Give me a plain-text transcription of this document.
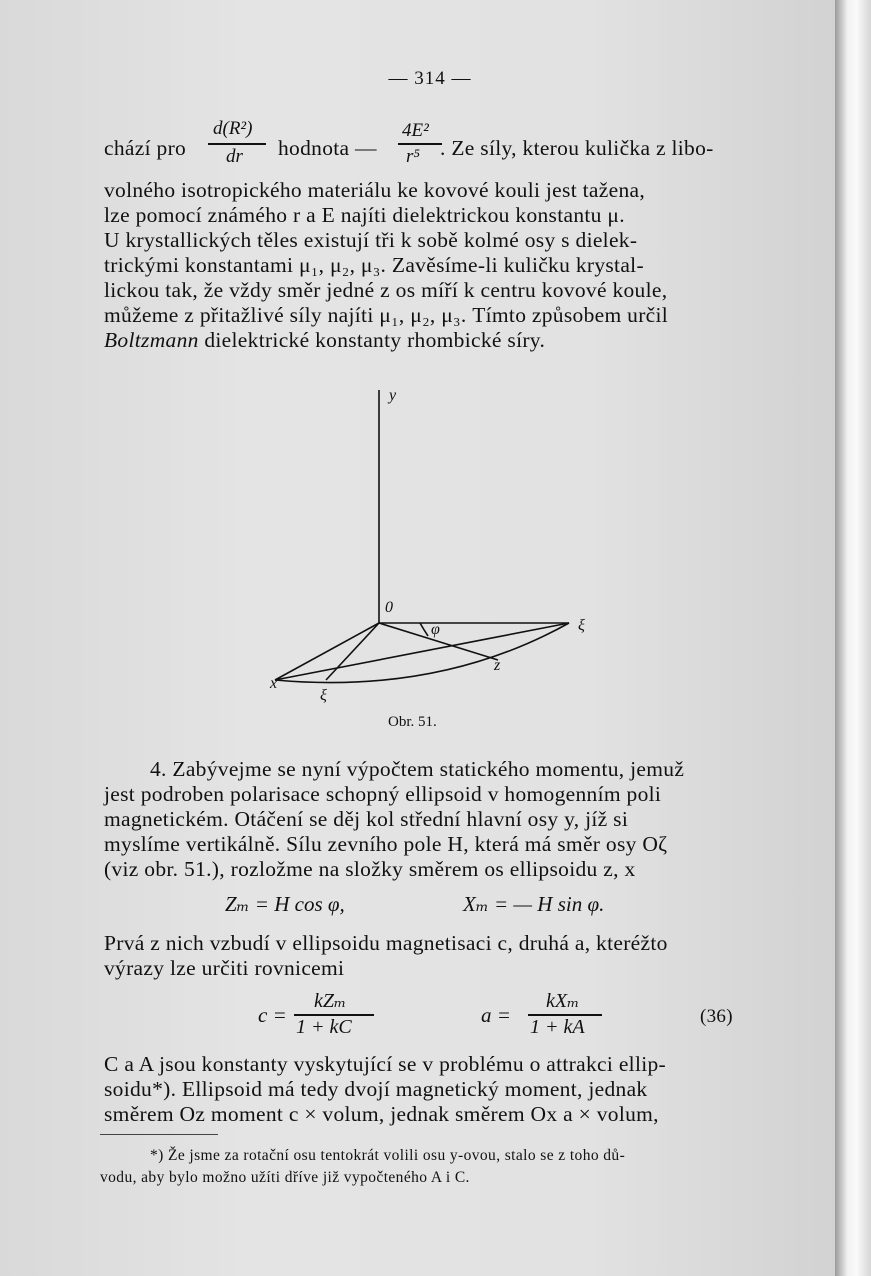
— 314 —
chází pro
d(R²)
dr hodnota —
4E²
r⁵ . Ze síly, kterou kulička z libo-
volného isotropického materiálu ke kovové kouli jest tažena,
lze pomocí známého r a E najíti dielektrickou konstantu μ.
U krystallických těles existují tři k sobě kolmé osy s dielek-
trickými konstantami μ₁, μ₂, μ₃. Zavěsíme-li kuličku krystal-
lickou tak, že vždy směr jedné z os míří k centru kovové koule,
můžeme z přitažlivé síly najíti μ₁, μ₂, μ₃. Tímto způsobem určil
Boltzmann dielektrické konstanty rhombické síry.
y
0
φ	ξ
z
x
ξ
Obr. 51.
4. Zabývejme se nyní výpočtem statického momentu, jemuž
jest podroben polarisace schopný ellipsoid v homogenním poli
magnetickém. Otáčení se děj kol střední hlavní osy y, jíž si
myslíme vertikálně. Sílu zevního pole H, která má směr osy Oζ
(viz obr. 51.), rozložme na složky směrem os ellipsoidu z, x
Zₘ = H cos φ,	Xₘ = — H sin φ.
Prvá z nich vzbudí v ellipsoidu magnetisaci c, druhá a, kteréžto
výrazy lze určiti rovnicemi
c =
kZₘ
1 + kC	a =
kXₘ
1 + kA	(36)
C a A jsou konstanty vyskytující se v problému o attrakci ellip-
soidu*). Ellipsoid má tedy dvojí magnetický moment, jednak
směrem Oz moment c × volum, jednak směrem Ox a × volum,
*) Že jsme za rotační osu tentokrát volili osu y-ovou, stalo se z toho dů-
vodu, aby bylo možno užíti dříve již vypočteného A i C.
